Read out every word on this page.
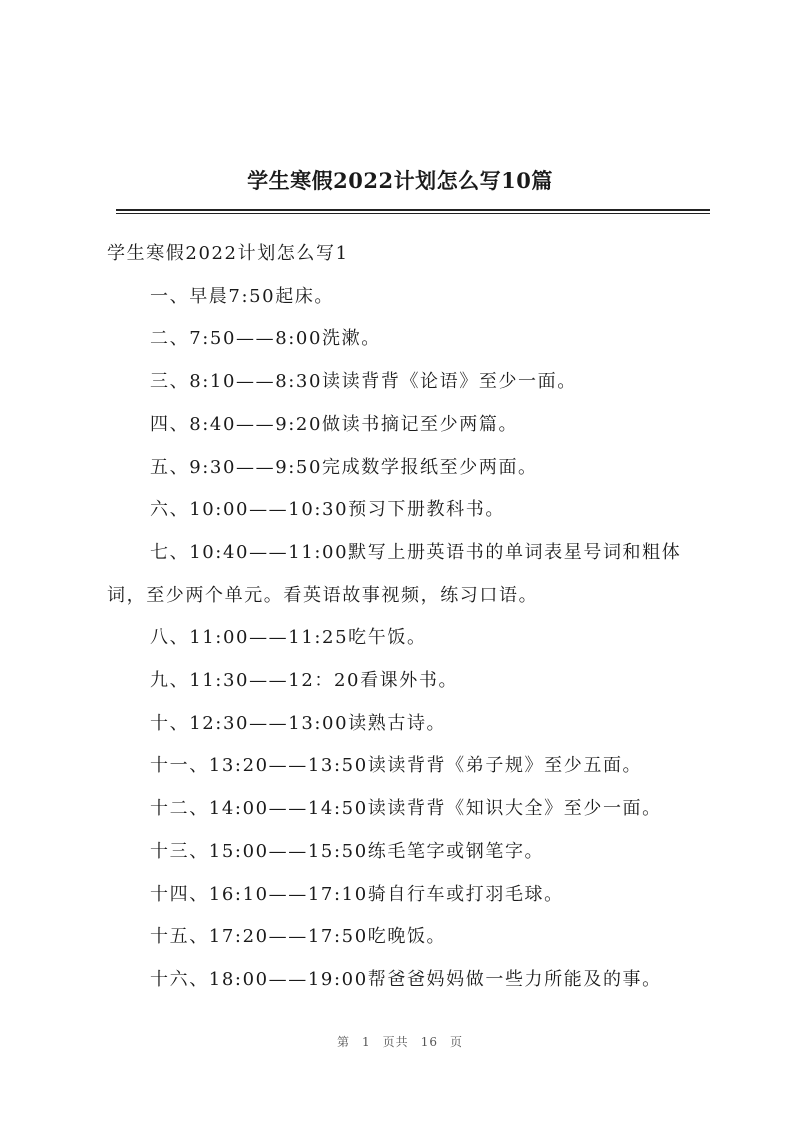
学生寒假2022计划怎么写10篇
学生寒假2022计划怎么写1
一、早晨7:50起床。
二、7:50——8:00洗漱。
三、8:10——8:30读读背背《论语》至少一面。
四、8:40——9:20做读书摘记至少两篇。
五、9:30——9:50完成数学报纸至少两面。
六、10:00——10:30预习下册教科书。
七、10:40——11:00默写上册英语书的单词表星号词和粗体词，至少两个单元。看英语故事视频，练习口语。
八、11:00——11:25吃午饭。
九、11:30——12：20看课外书。
十、12:30——13:00读熟古诗。
十一、13:20——13:50读读背背《弟子规》至少五面。
十二、14:00——14:50读读背背《知识大全》至少一面。
十三、15:00——15:50练毛笔字或钢笔字。
十四、16:10——17:10骑自行车或打羽毛球。
十五、17:20——17:50吃晚饭。
十六、18:00——19:00帮爸爸妈妈做一些力所能及的事。
第 1 页共 16 页
